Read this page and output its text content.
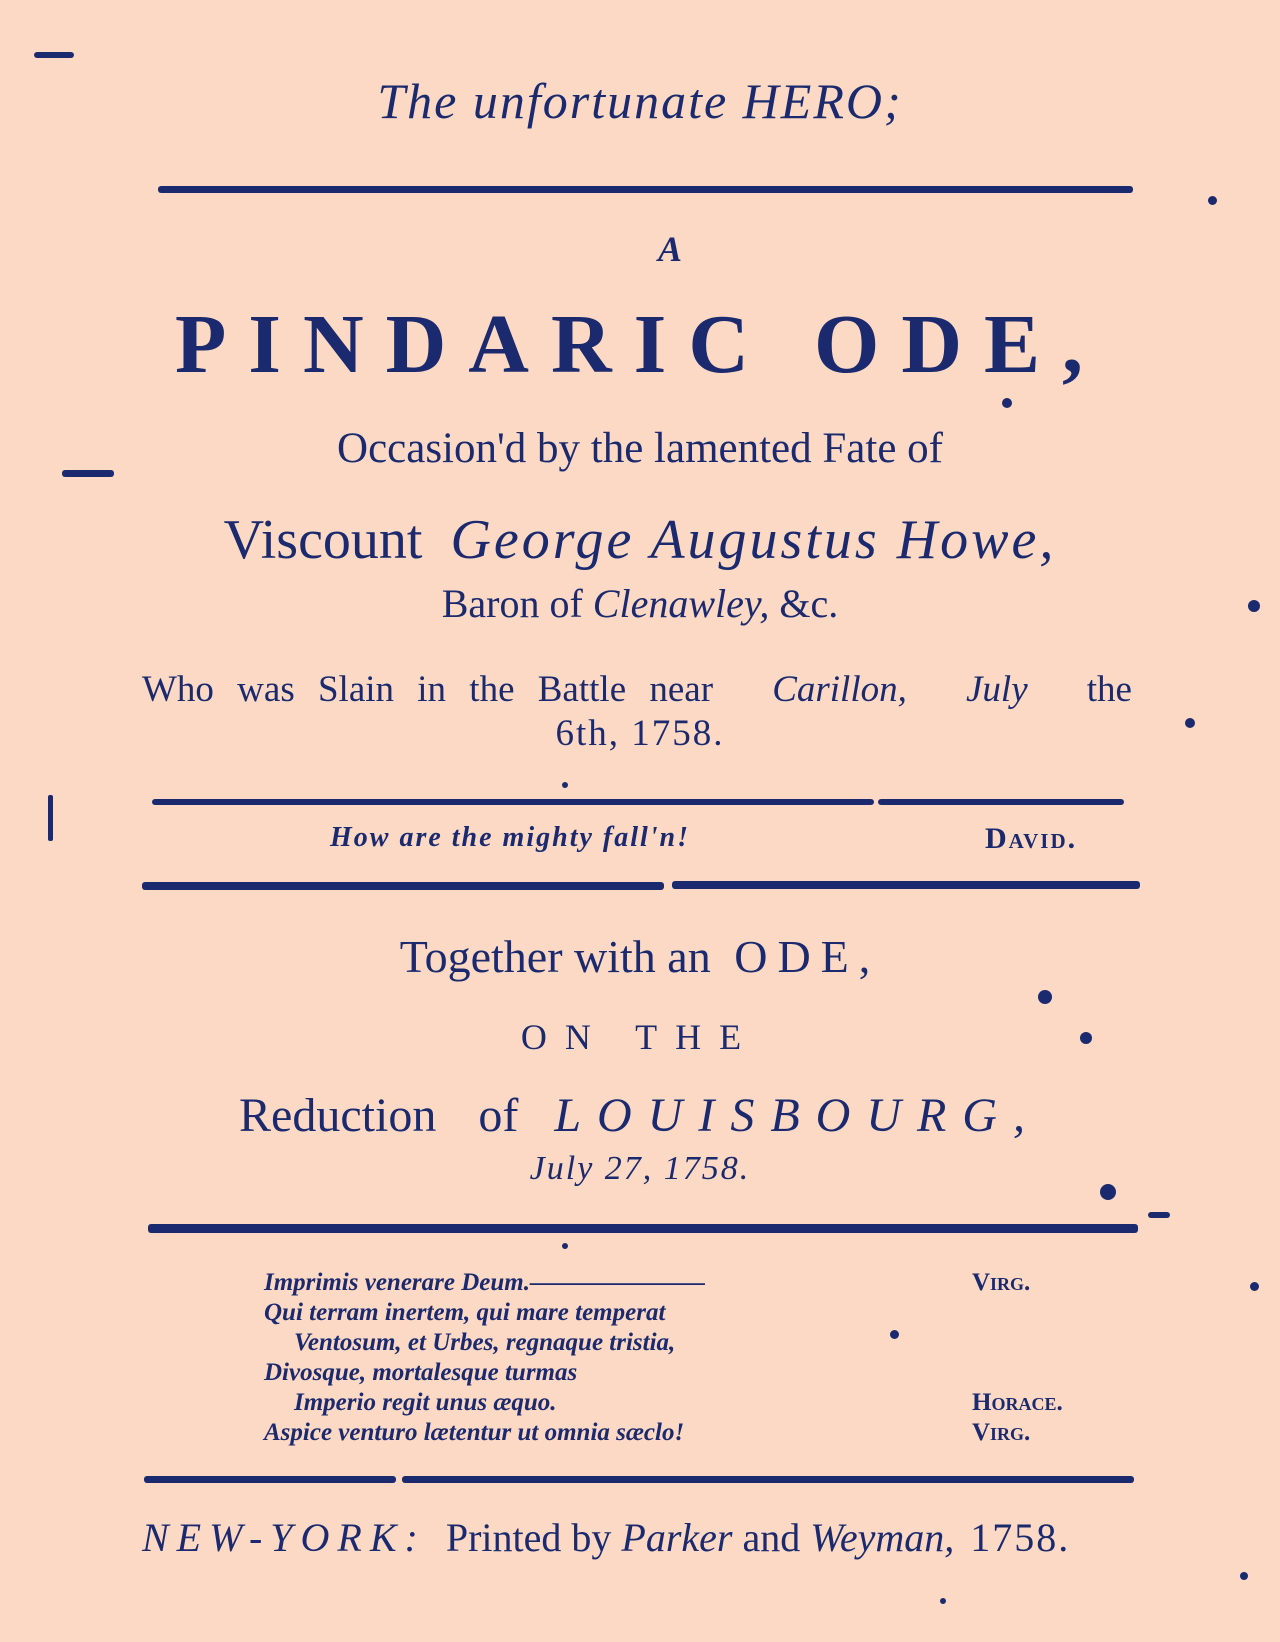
The unfortunate HERO;
A
PINDARIC ODE,
Occasion'd by the lamented Fate of
Viscount George Augustus Howe,
Baron of Clenawley, &c.
Who was Slain in the Battle near Carillon, July the
6th, 1758.
How are the mighty fall'n!	David.
Together with an ODE,
ON THE
Reduction of LOUISBOURG,
July 27, 1758.
Imprimis venerare Deum.———————
Qui terram inertem, qui mare temperat
Ventosum, et Urbes, regnaque tristia,
Divosque, mortalesque turmas
Imperio regit unus æquo.
Aspice venturo lætentur ut omnia sæclo!
Virg.
Horace.
Virg.
NEW-YORK: Printed by Parker and Weyman, 1758.
